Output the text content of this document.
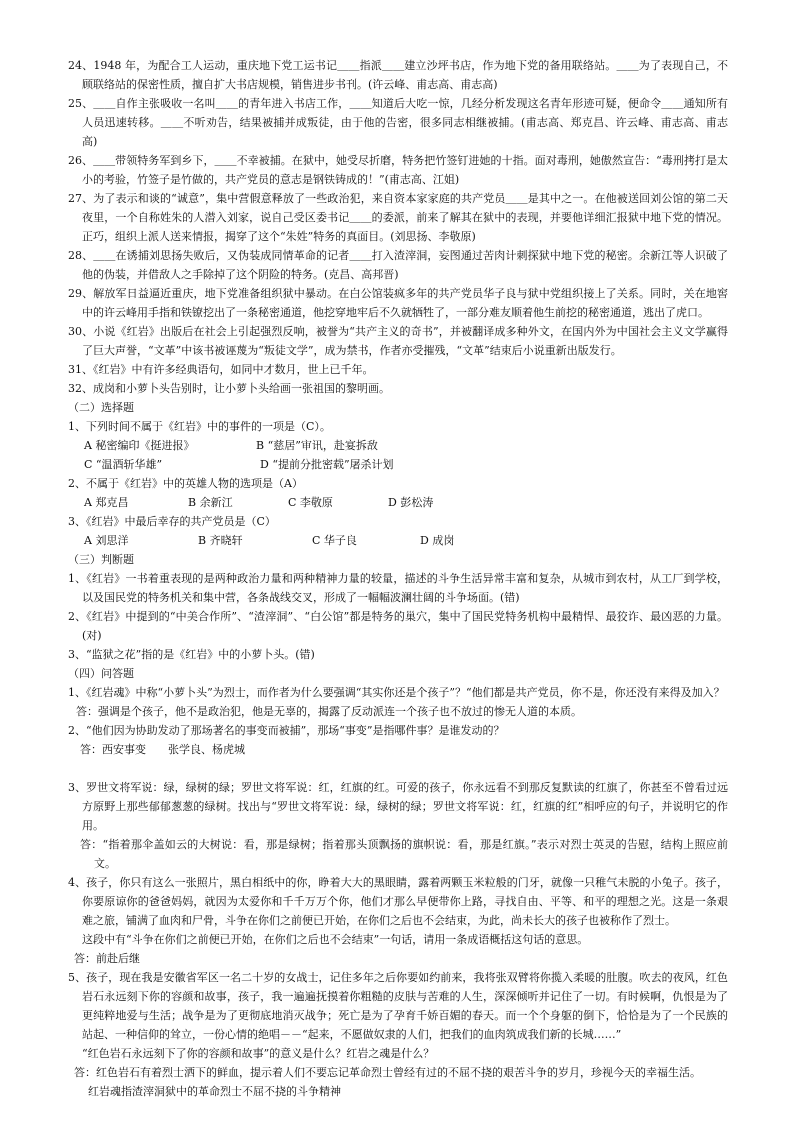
24、1948 年，为配合工人运动，重庆地下党工运书记＿＿指派＿＿建立沙坪书店，作为地下党的备用联络站。＿＿为了表现自己，不顾联络站的保密性质，擅自扩大书店规模，销售进步书刊。(许云峰、甫志高、甫志高)

25、＿＿自作主张吸收一名叫＿＿的青年进入书店工作，＿＿知道后大吃一惊，几经分析发现这名青年形迹可疑，便命令＿＿通知所有人员迅速转移。＿＿不听劝告，结果被捕并成叛徒，由于他的告密，很多同志相继被捕。(甫志高、郑克昌、许云峰、甫志高、甫志高)

26、＿＿带领特务军到乡下，＿＿不幸被捕。在狱中，她受尽折磨，特务把竹签钉进她的十指。面对毒刑，她傲然宣告：“毒刑拷打是太小的考验，竹签子是竹做的，共产党员的意志是钢铁铸成的！”(甫志高、江姐)

27、为了表示和谈的“诚意”，集中营假意释放了一些政治犯，来自资本家家庭的共产党员＿＿是其中之一。在他被送回刘公馆的第二天夜里，一个自称姓朱的人潜入刘家，说自己受区委书记＿＿的委派，前来了解其在狱中的表现，并要他详细汇报狱中地下党的情况。正巧，组织上派人送来情报，揭穿了这个“朱姓”特务的真面目。(刘思扬、李敬原)

28、＿＿在诱捕刘思扬失败后，又伪装成同情革命的记者＿＿打入渣滓洞，妄图通过苦肉计刺探狱中地下党的秘密。余新江等人识破了他的伪装，并借敌人之手除掉了这个阴险的特务。(克昌、高邦晋)

29、解放军日益逼近重庆，地下党准备组织狱中暴动。在白公馆装疯多年的共产党员华子良与狱中党组织接上了关系。同时，关在地窖中的许云峰用手指和铁镣挖出了一条秘密通道，他挖穿地牢后不久就牺牲了，一部分难友顺着他生前挖的秘密通道，逃出了虎口。

30、小说《红岩》出版后在社会上引起强烈反响，被誉为“共产主义的奇书”，并被翻译成多种外文，在国内外为中国社会主义文学赢得了巨大声誉，“文革”中该书被诬蔑为“叛徒文学”，成为禁书，作者亦受摧残，“文革”结束后小说重新出版发行。

31、《红岩》中有许多经典语句，如同中才数月，世上已千年。

32、成岗和小萝卜头告别时，让小萝卜头给画一张祖国的黎明画。

（二）选择题

1、下列时间不属于《红岩》中的事件的一项是（C）。

A 秘密编印《挺进报》	B “慈居”审讯，赴宴拆敌
C “温酒斩华雄”	D “提前分批密载”屠杀计划

2、不属于《红岩》中的英雄人物的选项是（A）

A 郑克昌	B 余新江	C 李敬原	D 彭松涛

3、《红岩》中最后幸存的共产党员是（C）

A 刘思洋	B 齐晓轩	C 华子良	D 成岗

（三）判断题

1、《红岩》一书着重表现的是两种政治力量和两种精神力量的较量，描述的斗争生活异常丰富和复杂，从城市到农村，从工厂到学校，以及国民党的特务机关和集中营，各条战线交叉，形成了一幅幅波澜壮阔的斗争场面。(错)

2、《红岩》中提到的“中美合作所”、“渣滓洞”、“白公馆”都是特务的巢穴，集中了国民党特务机构中最精悍、最狡诈、最凶恶的力量。(对)

3、“监狱之花”指的是《红岩》中的小萝卜头。(错)

（四）问答题

1、《红岩魂》中称“小萝卜头”为烈士，而作者为什么要强调“其实你还是个孩子”？“他们都是共产党员，你不是，你还没有来得及加入？

答：强调是个孩子，他不是政治犯，他是无辜的，揭露了反动派连一个孩子也不放过的惨无人道的本质。

2、“他们因为协助发动了那场著名的事变而被捕”，那场“事变”是指哪件事？是谁发动的？

答：西安事变　　张学良、杨虎城

3、罗世文将军说：绿，绿树的绿；罗世文将军说：红，红旗的红。可爱的孩子，你永远看不到那反复默读的红旗了，你甚至不曾看过远方原野上那些郁郁葱葱的绿树。找出与“罗世文将军说：绿，绿树的绿；罗世文将军说：红，红旗的红”相呼应的句子，并说明它的作用。

答：“指着那伞盖如云的大树说：看，那是绿树；指着那头顶飘扬的旗帜说：看，那是红旗。”表示对烈士英灵的告慰，结构上照应前文。

4、孩子，你只有这么一张照片，黑白相纸中的你，睁着大大的黑眼睛，露着两颗玉米粒般的门牙，就像一只稚气未脱的小兔子。孩子，你要原谅你的爸爸妈妈，就因为太爱你和千千万万个你，他们才那么早便带你上路，寻找自由、平等、和平的理想之光。这是一条艰难之旅，铺满了血肉和尸骨，斗争在你们之前便已开始，在你们之后也不会结束，为此，尚未长大的孩子也被称作了烈士。

这段中有“斗争在你们之前便已开始，在你们之后也不会结束”一句话，请用一条成语概括这句话的意思。

答：前赴后继

5、孩子，现在我是安徽省军区一名二十岁的女战士，记住多年之后你要如约前来，我将张双臂将你揽入柔暖的肚腹。吹去的夜风，红色岩石永远刻下你的容颜和故事，孩子，我一遍遍抚摸着你粗糙的皮肤与苦难的人生，深深倾听并记住了一切。有时候啊，仇恨是为了更纯粹地爱与生活；战争是为了更彻底地消灭战争；死亡是为了孕育千娇百媚的春天。而一个个身躯的倒下，恰恰是为了一个民族的站起、一种信仰的耸立，一份心情的绝唱－－“起来，不愿做奴隶的人们，把我们的血肉筑成我们新的长城……”

“红色岩石永远刻下了你的容颜和故事”的意义是什么？红岩之魂是什么？

答：红色岩石有着烈士洒下的鲜血，提示着人们不要忘记革命烈士曾经有过的不屈不挠的艰苦斗争的岁月，珍视今天的幸福生活。

红岩魂指渣滓洞狱中的革命烈士不屈不挠的斗争精神
